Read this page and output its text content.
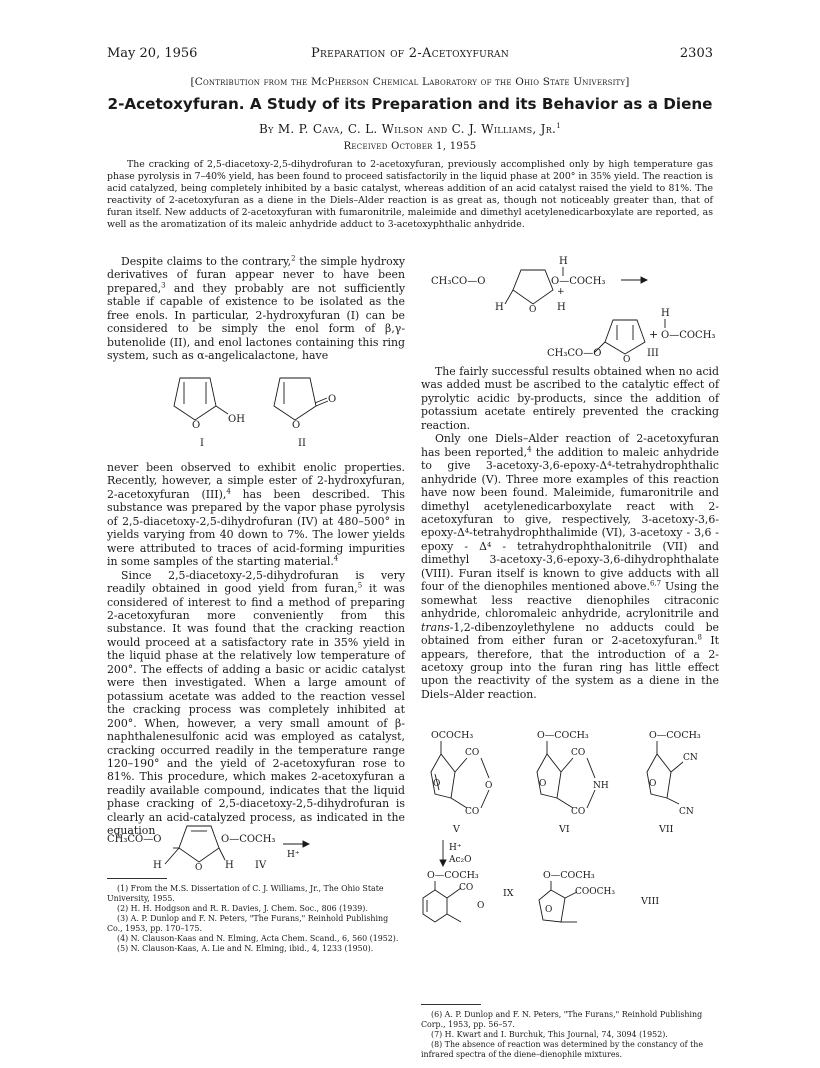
May 20, 1956	Preparation of 2-Acetoxyfuran	2303
[Contribution from the McPherson Chemical Laboratory of the Ohio State University]
2-Acetoxyfuran. A Study of its Preparation and its Behavior as a Diene
By M. P. Cava, C. L. Wilson and C. J. Williams, Jr.$^1$
Received October 1, 1955
The cracking of 2,5-diacetoxy-2,5-dihydrofuran to 2-acetoxyfuran, previously accomplished only by high temperature gas phase pyrolysis in 7–40% yield, has been found to proceed satisfactorily in the liquid phase at 200° in 35% yield. The reaction is acid catalyzed, being completely inhibited by a basic catalyst, whereas addition of an acid catalyst raised the yield to 81%. The reactivity of 2-acetoxyfuran as a diene in the Diels–Alder reaction is as great as, though not noticeably greater than, that of furan itself. New adducts of 2-acetoxyfuran with fumaronitrile, maleimide and dimethyl acetylenedicarboxylate are reported, as well as the aromatization of its maleic anhydride adduct to 3-acetoxyphthalic anhydride.

Despite claims to the contrary,$^2$ the simple hydroxy derivatives of furan appear never to have been prepared,$^3$ and they probably are not sufficiently stable if capable of existence to be isolated as the free enols. In particular, 2-hydroxyfuran (I) can be considered to be simply the enol form of β,γ-butenolide (II), and enol lactones containing this ring system, such as α-angelicalactone, have

O
OH
I
O
O
II

never been observed to exhibit enolic properties. Recently, however, a simple ester of 2-hydroxyfuran, 2-acetoxyfuran (III),$^4$ has been described. This substance was prepared by the vapor phase pyrolysis of 2,5-diacetoxy-2,5-dihydrofuran (IV) at 480–500° in yields varying from 40 down to 7%. The lower yields were attributed to traces of acid-forming impurities in some samples of the starting material.$^4$

Since 2,5-diacetoxy-2,5-dihydrofuran is very readily obtained in good yield from furan,$^5$ it was considered of interest to find a method of preparing 2-acetoxyfuran more conveniently from this substance. It was found that the cracking reaction would proceed at a satisfactory rate in 35% yield in the liquid phase at the relatively low temperature of 200°. The effects of adding a basic or acidic catalyst were then investigated. When a large amount of potassium acetate was added to the reaction vessel the cracking process was completely inhibited at 200°. When, however, a very small amount of β-naphthalenesulfonic acid was employed as catalyst, cracking occurred readily in the temperature range 120–190° and the yield of 2-acetoxyfuran rose to 81%. This procedure, which makes 2-acetoxyfuran a readily available compound, indicates that the liquid phase cracking of 2,5-diacetoxy-2,5-dihydrofuran is clearly an acid-catalyzed process, as indicated in the equation

CH₃CO—O
O
O—COCH₃
H	H IV
H⁺

(1) From the M.S. Dissertation of C. J. Williams, Jr., The Ohio State University, 1955.

(2) H. H. Hodgson and R. R. Davies, J. Chem. Soc., 806 (1939).

(3) A. P. Dunlop and F. N. Peters, "The Furans," Reinhold Publishing Co., 1953, pp. 170–175.

(4) N. Clauson-Kaas and N. Elming, Acta Chem. Scand., 6, 560 (1952).

(5) N. Clauson-Kaas, A. Lie and N. Elming, ibid., 4, 1233 (1950).

H
CH₃CO—O
O
O—COCH₃
+
H	H
O
CH₃CO—O	III
H
+ O—COCH₃

The fairly successful results obtained when no acid was added must be ascribed to the catalytic effect of pyrolytic acidic by-products, since the addition of potassium acetate entirely prevented the cracking reaction.

Only one Diels–Alder reaction of 2-acetoxyfuran has been reported,$^4$ the addition to maleic anhydride to give 3-acetoxy-3,6-epoxy-Δ⁴-tetrahydrophthalic anhydride (V). Three more examples of this reaction have now been found. Maleimide, fumaronitrile and dimethyl acetylenedicarboxylate react with 2-acetoxyfuran to give, respectively, 3-acetoxy-3,6-epoxy-Δ⁴-tetrahydrophthalimide (VI), 3-acetoxy - 3,6 - epoxy - Δ⁴ - tetrahydrophthalonitrile (VII) and dimethyl 3-acetoxy-3,6-epoxy-3,6-dihydrophthalate (VIII). Furan itself is known to give adducts with all four of the dienophiles mentioned above.$^{6,7}$ Using the somewhat less reactive dienophiles citraconic anhydride, chloromaleic anhydride, acrylonitrile and trans-1,2-dibenzoylethylene no adducts could be obtained from either furan or 2-acetoxyfuran.$^8$ It appears, therefore, that the introduction of a 2-acetoxy group into the furan ring has little effect upon the reactivity of the system as a diene in the Diels–Alder reaction.

OCOCH₃
O
CO
CO
O
V
O—COCH₃
O
CO
CO
NH
VI
O—COCH₃
O
CN
CN
VII
H⁺
Ac₂O
O—COCH₃
CO
O
IX
O—COCH₃
O
COOCH₃
VIII

(6) A. P. Dunlop and F. N. Peters, "The Furans," Reinhold Publishing Corp., 1953, pp. 56–57.

(7) H. Kwart and I. Burchuk, This Journal, 74, 3094 (1952).

(8) The absence of reaction was determined by the constancy of the infrared spectra of the diene–dienophile mixtures.
